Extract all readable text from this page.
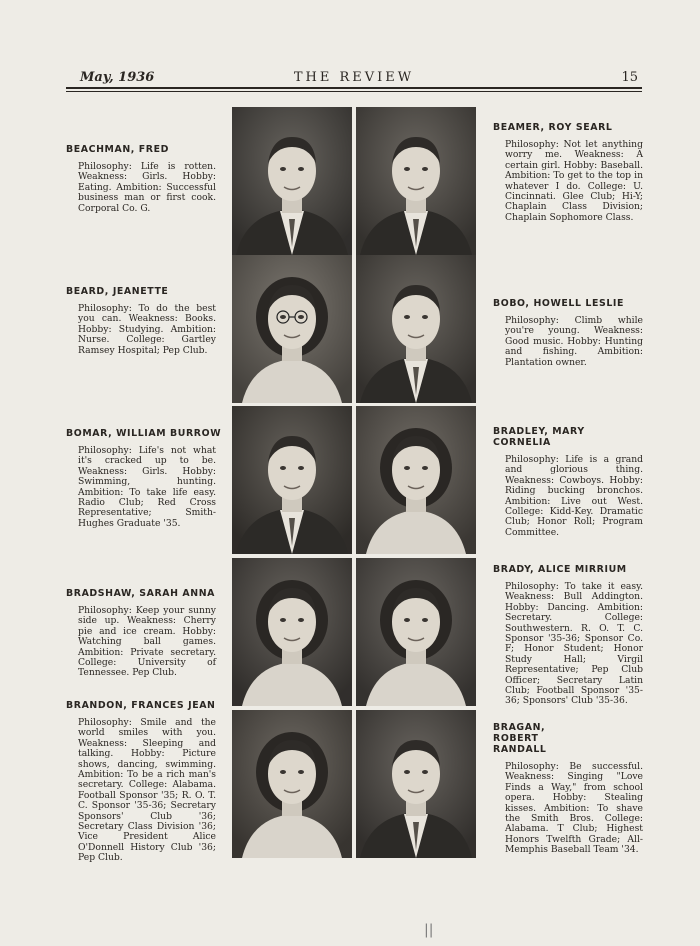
THE REVIEW
May, 1936	15
BEACHMAN, FRED
Philosophy: Life is rotten. Weakness: Girls. Hobby: Eating. Ambition: Successful business man or first cook. Corporal Co. G.
BEAMER, ROY SEARL
Philosophy: Not let anything worry me. Weakness: A certain girl. Hobby: Baseball. Ambition: To get to the top in whatever I do. College: U. Cincinnati. Glee Club; Hi-Y; Chaplain Class Division; Chaplain Sophomore Class.
BEARD, JEANETTE
Philosophy: To do the best you can. Weakness: Books. Hobby: Studying. Ambition: Nurse. College: Gartley Ramsey Hospital; Pep Club.
BOBO, HOWELL LESLIE
Philosophy: Climb while you're young. Weakness: Good music. Hobby: Hunting and fishing. Ambition: Plantation owner.
BOMAR, WILLIAM BURROW
Philosophy: Life's not what it's cracked up to be. Weakness: Girls. Hobby: Swimming, hunting. Ambition: To take life easy. Radio Club; Red Cross Representative; Smith-Hughes Graduate '35.
BRADLEY, MARY CORNELIA
Philosophy: Life is a grand and glorious thing. Weakness: Cowboys. Hobby: Riding bucking bronchos. Ambition: Live out West. College: Kidd-Key. Dramatic Club; Honor Roll; Program Committee.
BRADSHAW, SARAH ANNA
Philosophy: Keep your sunny side up. Weakness: Cherry pie and ice cream. Hobby: Watching ball games. Ambition: Private secretary. College: University of Tennessee. Pep Club.
BRADY, ALICE MIRRIUM
Philosophy: To take it easy. Weakness: Bull Addington. Hobby: Dancing. Ambition: Secretary. College: Southwestern. R. O. T. C. Sponsor '35-36; Sponsor Co. F; Honor Student; Honor Study Hall; Virgil Representative; Pep Club Officer; Secretary Latin Club; Football Sponsor '35-36; Sponsors' Club '35-36.
BRANDON, FRANCES JEAN
Philosophy: Smile and the world smiles with you. Weakness: Sleeping and talking. Hobby: Picture shows, dancing, swimming. Ambition: To be a rich man's secretary. College: Alabama. Football Sponsor '35; R. O. T. C. Sponsor '35-36; Secretary Sponsors' Club '36; Secretary Class Division '36; Vice President Alice O'Donnell History Club '36; Pep Club.
BRAGAN, ROBERT RANDALL
Philosophy: Be successful. Weakness: Singing "Love Finds a Way," from school opera. Hobby: Stealing kisses. Ambition: To shave the Smith Bros. College: Alabama. T Club; Highest Honors Twelfth Grade; All-Memphis Baseball Team '34.
||
